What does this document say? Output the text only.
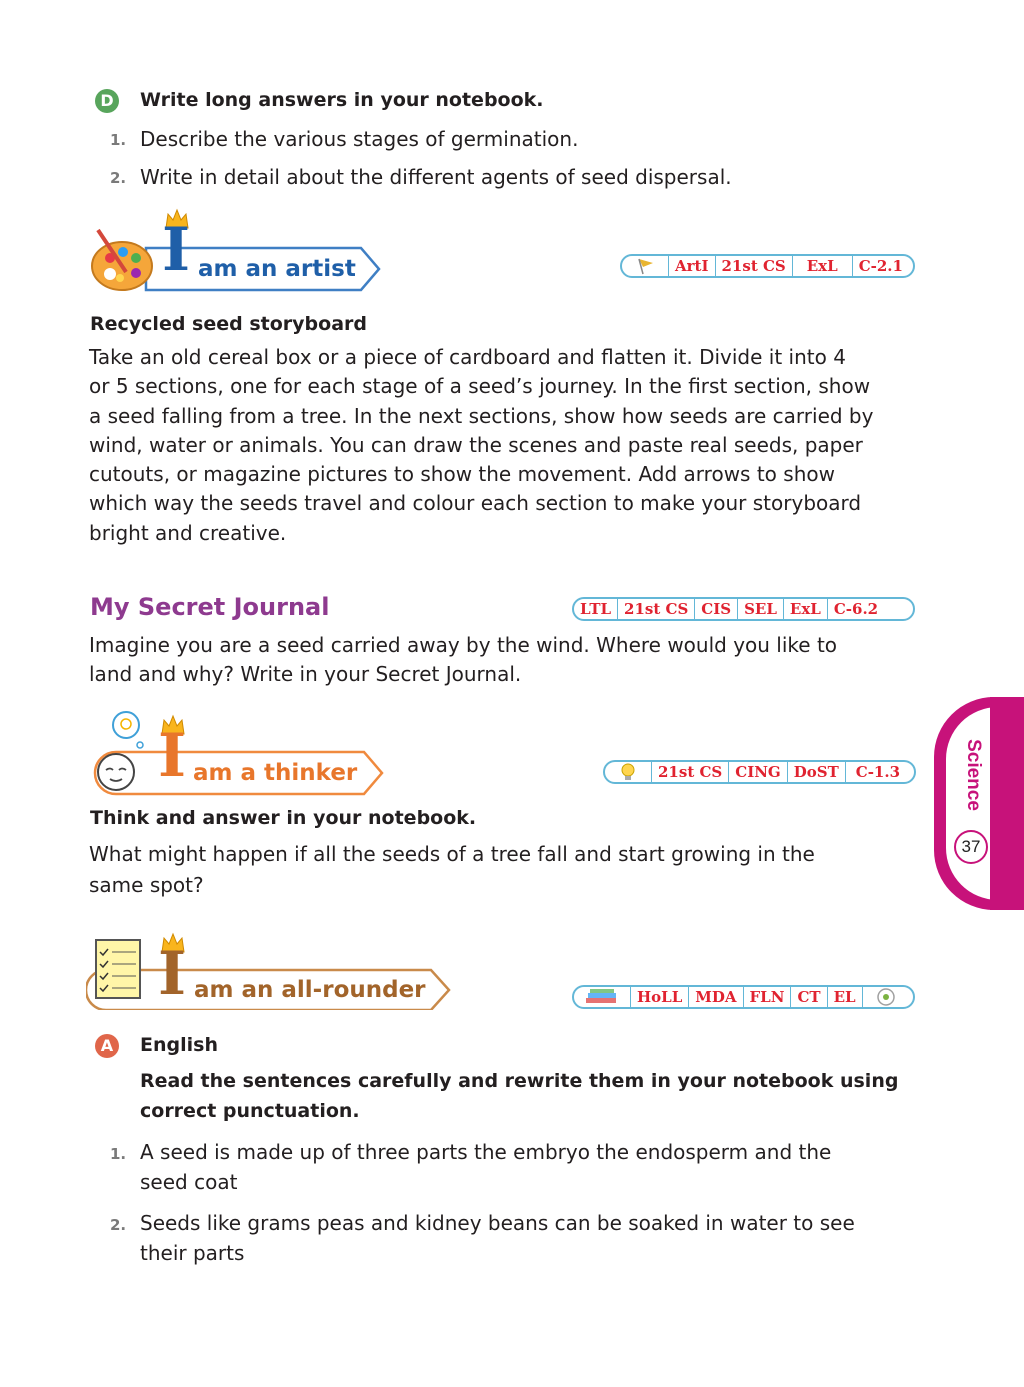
D Write long answers in your notebook.
1. Describe the various stages of germination.
2. Write in detail about the different agents of seed dispersal.
I am an artist	ArtI 21st CS	ExL	C-2.1
Recycled seed storyboard
Take an old cereal box or a piece of cardboard and flatten it. Divide it into 4
or 5 sections, one for each stage of a seed’s journey. In the first section, show
a seed falling from a tree. In the next sections, show how seeds are carried by
wind, water or animals. You can draw the scenes and paste real seeds, paper
cutouts, or magazine pictures to show the movement. Add arrows to show
which way the seeds travel and colour each section to make your storyboard
bright and creative.
My Secret Journal	LTL 21st CS CIS SEL ExL C-6.2
Imagine you are a seed carried away by the wind. Where would you like to
land and why? Write in your Secret Journal.
I am a thinker	21st CS CING DoST	C-1.3
Think and answer in your notebook.
What might happen if all the seeds of a tree fall and start growing in the
same spot?
I am an all-rounder	HoLL MDA FLN CT EL
A	English
Read the sentences carefully and rewrite them in your notebook using
correct punctuation.
1. A seed is made up of three parts the embryo the endosperm and the
seed coat
2. Seeds like grams peas and kidney beans can be soaked in water to see
their parts
Science
37
